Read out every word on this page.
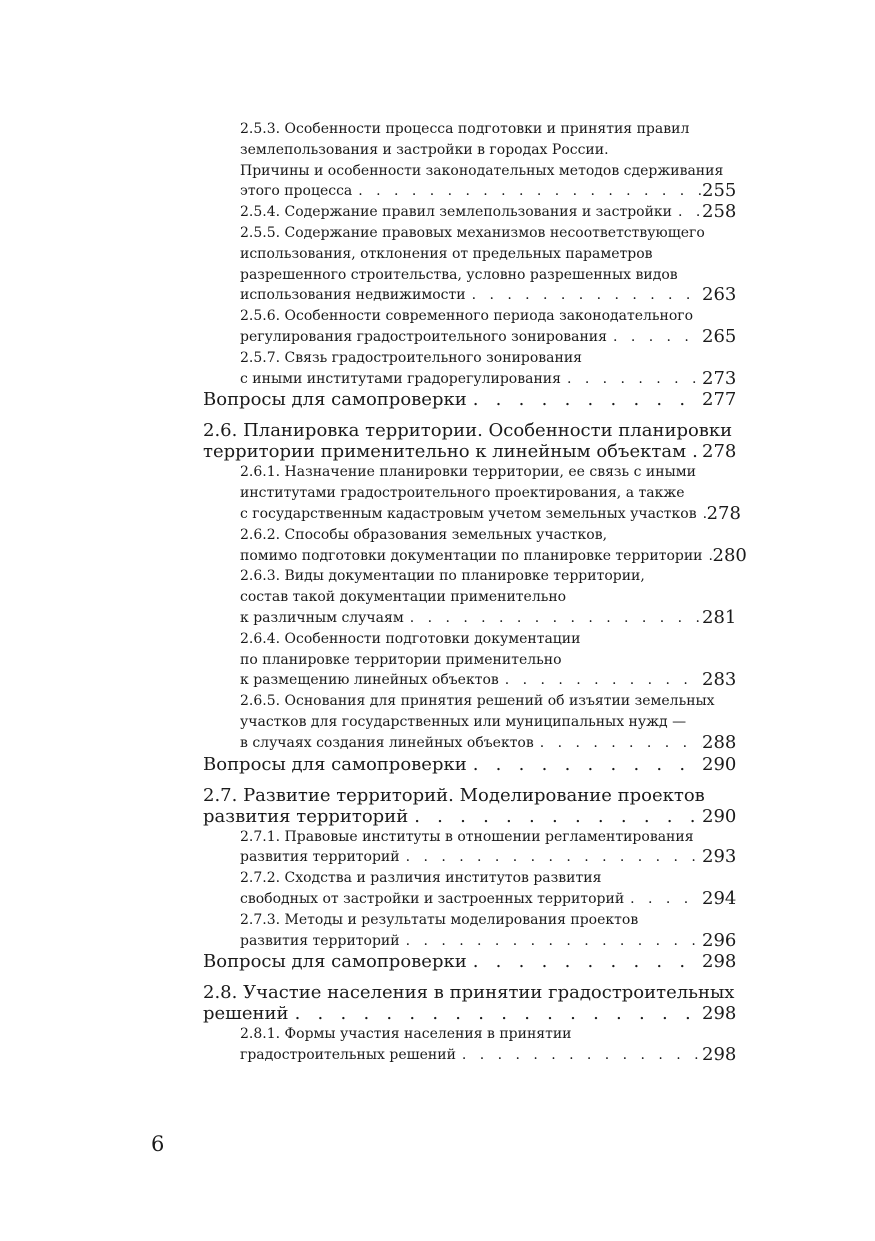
2.5.3. Особенности процесса подготовки и принятия правил
землепользования и застройки в городах России.
Причины и особенности законодательных методов сдерживания
этого процесса . . .	255
2.5.4. Содержание правил землепользования и застройки . . . 258
2.5.5. Содержание правовых механизмов несоответствующего
использования, отклонения от предельных параметров
разрешенного строительства, условно разрешенных видов
использования недвижимости . . .	263
2.5.6. Особенности современного периода законодательного
регулирования градостроительного зонирования . . .	265
2.5.7. Связь градостроительного зонирования
с иными институтами градорегулирования . . .	273
Вопросы для самопроверки . . .	277
2.6. Планировка территории. Особенности планировки
территории применительно к линейным объектам . . . 278
2.6.1. Назначение планировки территории, ее связь с иными
институтами градостроительного проектирования, а также
с государственным кадастровым учетом земельных участков . . . 278
2.6.2. Способы образования земельных участков,
помимо подготовки документации по планировке территории . . . 280
2.6.3. Виды документации по планировке территории,
состав такой документации применительно
к различным случаям . . .	281
2.6.4. Особенности подготовки документации
по планировке территории применительно
к размещению линейных объектов . . .	283
2.6.5. Основания для принятия решений об изъятии земельных
участков для государственных или муниципальных нужд —
в случаях создания линейных объектов . . .	288
Вопросы для самопроверки . . .	290
2.7. Развитие территорий. Моделирование проектов
развития территорий . . .	290
2.7.1. Правовые институты в отношении регламентирования
развития территорий . . .	293
2.7.2. Сходства и различия институтов развития
свободных от застройки и застроенных территорий . . .	294
2.7.3. Методы и результаты моделирования проектов
развития территорий . . .	296
Вопросы для самопроверки . . .	298
2.8. Участие населения в принятии градостроительных
решений . . .	298
2.8.1. Формы участия населения в принятии
градостроительных решений . . .	298
6
